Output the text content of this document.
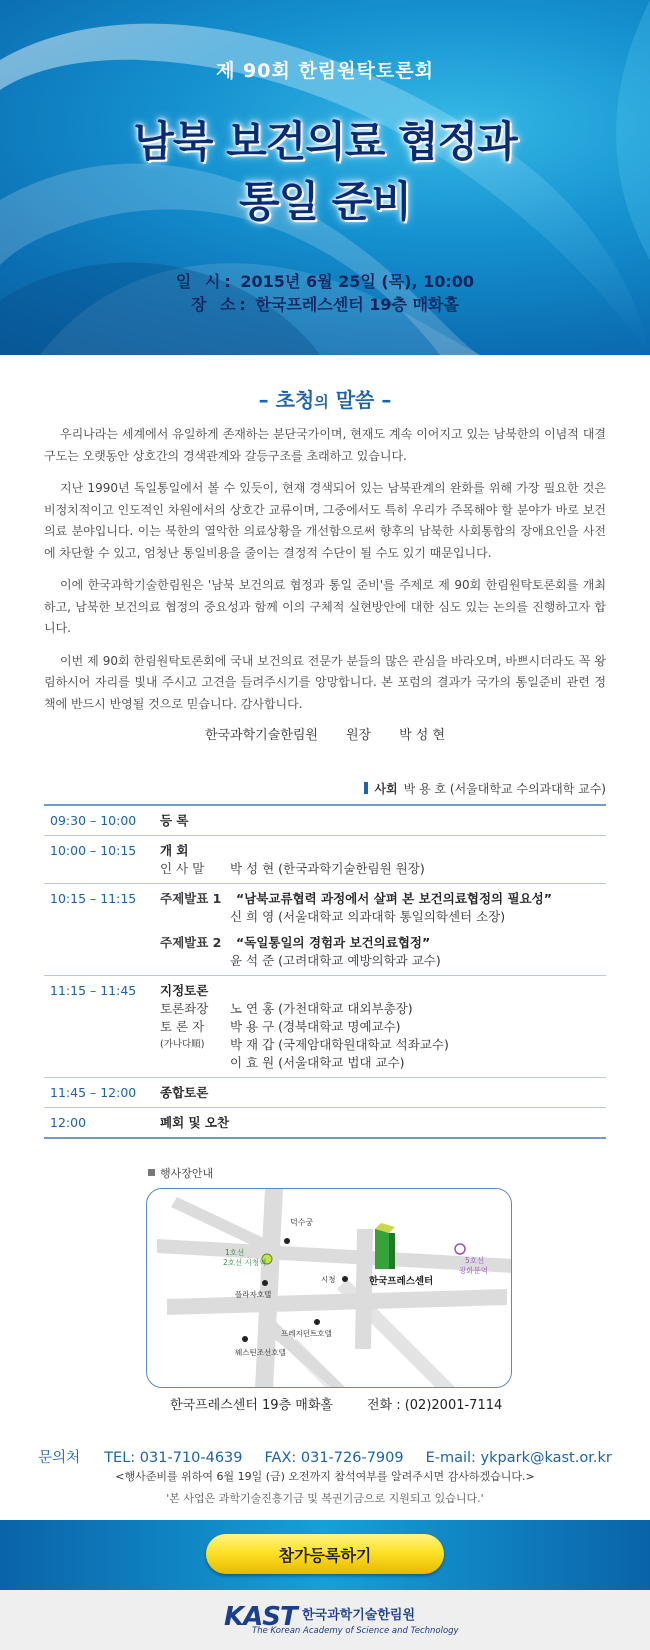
제 90회 한림원탁토론회
남북 보건의료 협정과
통일 준비
일 시: 2015년 6월 25일 (목), 10:00
장 소: 한국프레스센터 19층 매화홀
– 초청의 말씀 –

우리나라는 세계에서 유일하게 존재하는 분단국가이며, 현재도 계속 이어지고 있는 남북한의 이념적 대결구도는 오랫동안 상호간의 경색관계와 갈등구조를 초래하고 있습니다.

지난 1990년 독일통일에서 볼 수 있듯이, 현재 경색되어 있는 남북관계의 완화를 위해 가장 필요한 것은 비정치적이고 인도적인 차원에서의 상호간 교류이며, 그중에서도 특히 우리가 주목해야 할 분야가 바로 보건의료 분야입니다. 이는 북한의 열악한 의료상황을 개선함으로써 향후의 남북한 사회통합의 장애요인을 사전에 차단할 수 있고, 엄청난 통일비용을 줄이는 결정적 수단이 될 수도 있기 때문입니다.

이에 한국과학기술한림원은 '남북 보건의료 협정과 통일 준비'를 주제로 제 90회 한림원탁토론회를 개최하고, 남북한 보건의료 협정의 중요성과 함께 이의 구체적 실현방안에 대한 심도 있는 논의를 진행하고자 합니다.

이번 제 90회 한림원탁토론회에 국내 보건의료 전문가 분들의 많은 관심을 바라오며, 바쁘시더라도 꼭 왕림하시어 자리를 빛내 주시고 고견을 들려주시기를 앙망합니다. 본 포럼의 결과가 국가의 통일준비 관련 정책에 반드시 반영될 것으로 믿습니다. 감사합니다.

한국과학기술한림원 원장 박 성 현
사회 박 용 호 (서울대학교 수의과대학 교수)
09:30 – 10:00	등 록
10:00 – 10:15	개 회
인 사 말	박 성 현 (한국과학기술한림원 원장)
10:15 – 11:15	주제발표 1	“남북교류협력 과정에서 살펴 본 보건의료협정의 필요성”
신 희 영 (서울대학교 의과대학 통일의학센터 소장)
주제발표 2	“독일통일의 경험과 보건의료협정”
윤 석 준 (고려대학교 예방의학과 교수)
11:15 – 11:45	지정토론
토론좌장	노 연 홍 (가천대학교 대외부총장)
토 론 자	박 용 구 (경북대학교 명예교수)
(가나다順)	박 재 갑 (국제암대학원대학교 석좌교수)
이 효 원 (서울대학교 법대 교수)
11:45 – 12:00	종합토론
12:00	폐회 및 오찬
행사장안내
덕수궁
1호선
2호선 시청역
플라자호텔
시청	한국프레스센터
5호선
광화문역
프레지던트호텔
웨스틴조선호텔
한국프레스센터 19층 매화홀	전화 : (02)2001-7114
문의처 TEL: 031-710-4639 FAX: 031-726-7909 E-mail: ykpark@kast.or.kr
<행사준비를 위하여 6월 19일 (금) 오전까지 참석여부를 알려주시면 감사하겠습니다.>
'본 사업은 과학기술진흥기금 및 복권기금으로 지원되고 있습니다.'
참가등록하기
KAST 한국과학기술한림원
The Korean Academy of Science and Technology
